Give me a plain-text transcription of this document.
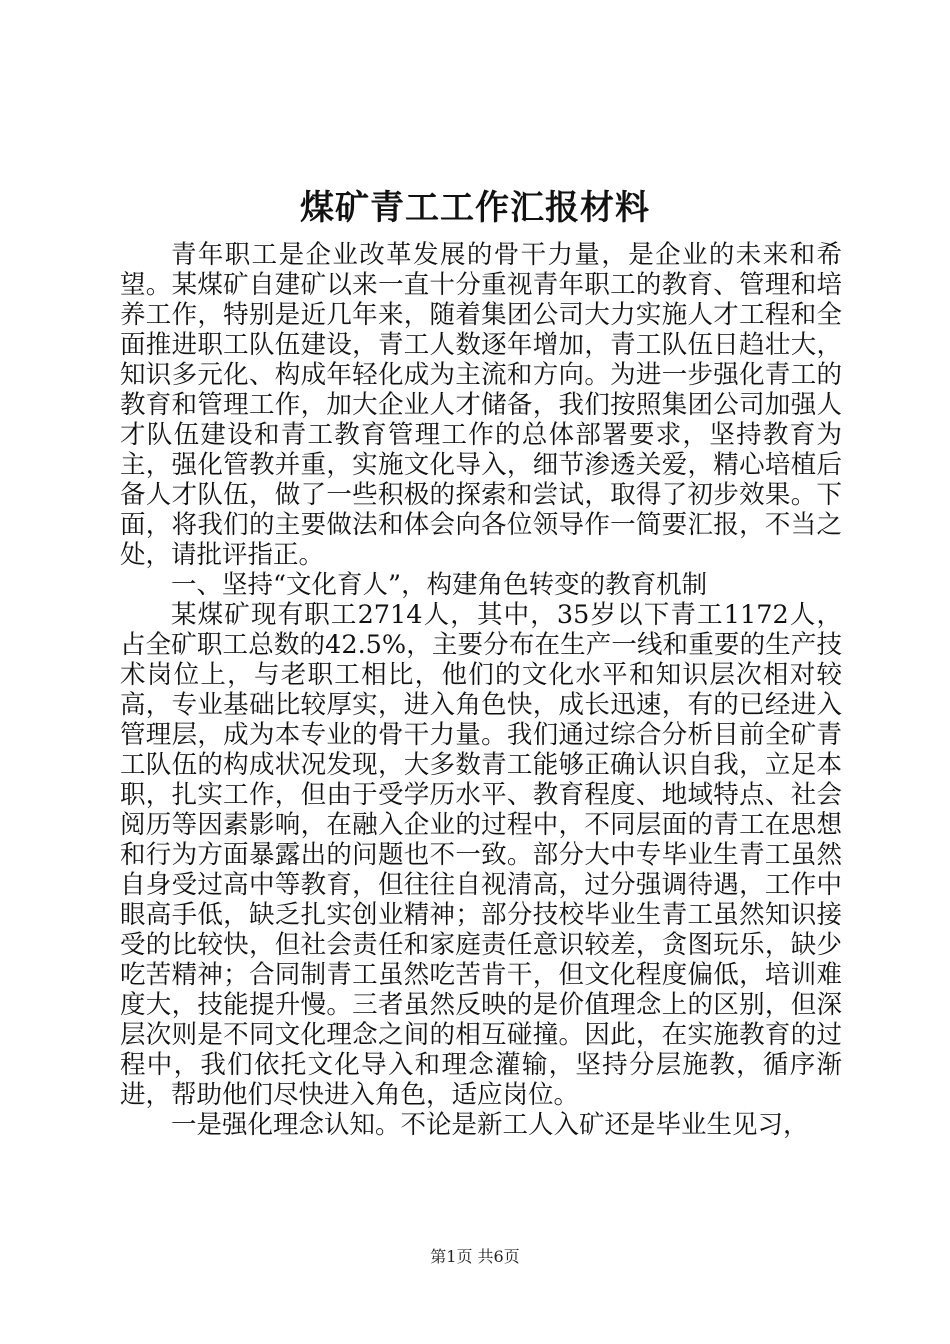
煤矿青工工作汇报材料

青年职工是企业改革发展的骨干力量，是企业的未来和希望。某煤矿自建矿以来一直十分重视青年职工的教育、管理和培养工作，特别是近几年来，随着集团公司大力实施人才工程和全面推进职工队伍建设，青工人数逐年增加，青工队伍日趋壮大，知识多元化、构成年轻化成为主流和方向。为进一步强化青工的教育和管理工作，加大企业人才储备，我们按照集团公司加强人才队伍建设和青工教育管理工作的总体部署要求，坚持教育为主，强化管教并重，实施文化导入，细节渗透关爱，精心培植后备人才队伍，做了一些积极的探索和尝试，取得了初步效果。下面，将我们的主要做法和体会向各位领导作一简要汇报，不当之处，请批评指正。

一、坚持“文化育人”，构建角色转变的教育机制

某煤矿现有职工2714人，其中，35岁以下青工1172人，占全矿职工总数的42.5%，主要分布在生产一线和重要的生产技术岗位上，与老职工相比，他们的文化水平和知识层次相对较高，专业基础比较厚实，进入角色快，成长迅速，有的已经进入管理层，成为本专业的骨干力量。我们通过综合分析目前全矿青工队伍的构成状况发现，大多数青工能够正确认识自我，立足本职，扎实工作，但由于受学历水平、教育程度、地域特点、社会阅历等因素影响，在融入企业的过程中，不同层面的青工在思想和行为方面暴露出的问题也不一致。部分大中专毕业生青工虽然自身受过高中等教育，但往往自视清高，过分强调待遇，工作中眼高手低，缺乏扎实创业精神；部分技校毕业生青工虽然知识接受的比较快，但社会责任和家庭责任意识较差，贪图玩乐，缺少吃苦精神；合同制青工虽然吃苦肯干，但文化程度偏低，培训难度大，技能提升慢。三者虽然反映的是价值理念上的区别，但深层次则是不同文化理念之间的相互碰撞。因此，在实施教育的过程中，我们依托文化导入和理念灌输，坚持分层施教，循序渐进，帮助他们尽快进入角色，适应岗位。

一是强化理念认知。不论是新工人入矿还是毕业生见习，

第1页 共6页
